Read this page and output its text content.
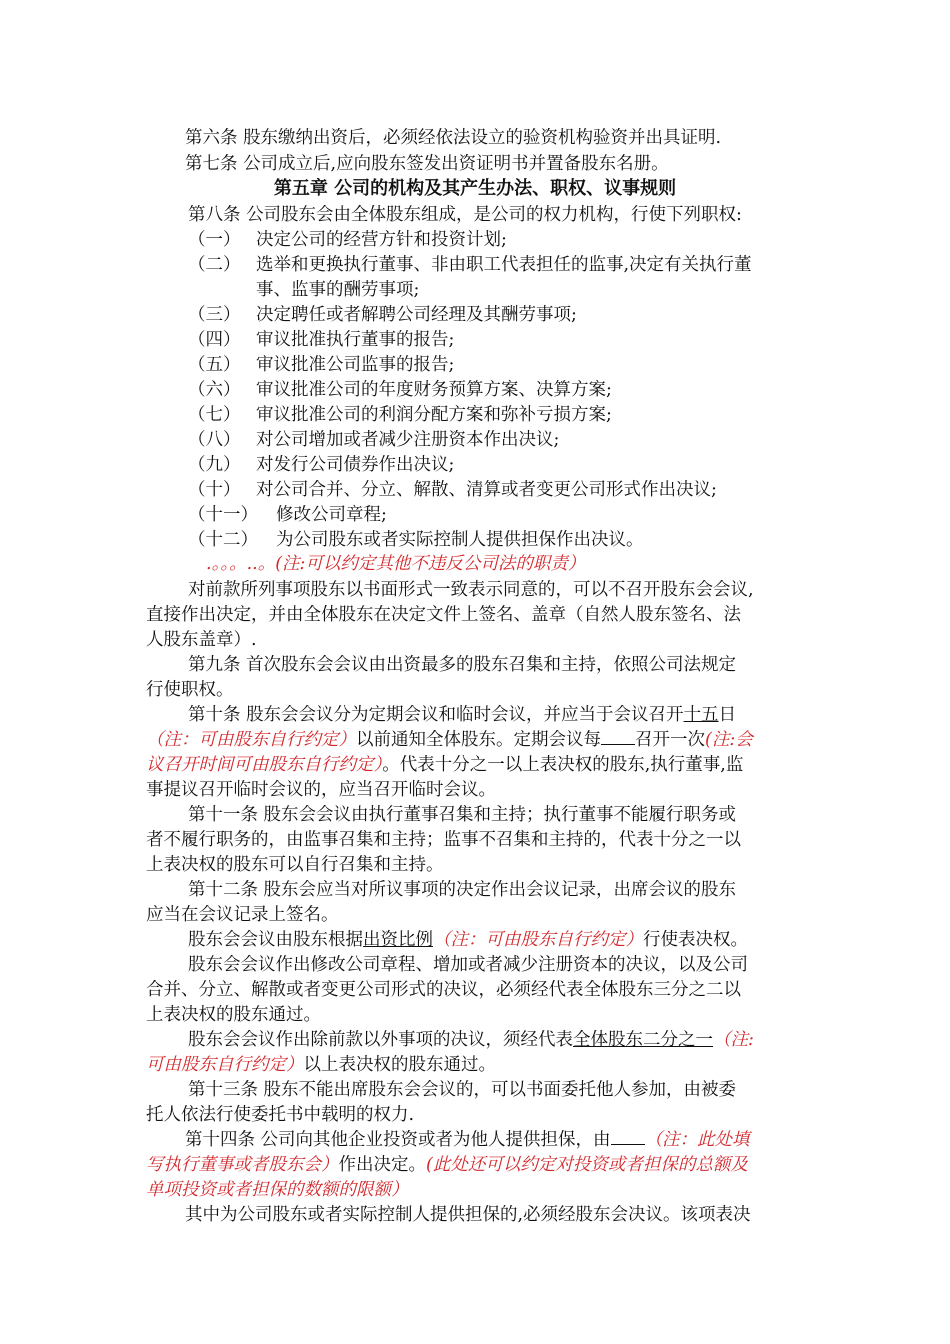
第六条 股东缴纳出资后，必须经依法设立的验资机构验资并出具证明.
第七条 公司成立后,应向股东签发出资证明书并置备股东名册。
第五章 公司的机构及其产生办法、职权、议事规则
第八条 公司股东会由全体股东组成，是公司的权力机构，行使下列职权:
（一） 决定公司的经营方针和投资计划;
（二） 选举和更换执行董事、非由职工代表担任的监事,决定有关执行董
事、监事的酬劳事项;
（三） 决定聘任或者解聘公司经理及其酬劳事项;
（四） 审议批准执行董事的报告;
（五） 审议批准公司监事的报告;
（六） 审议批准公司的年度财务预算方案、决算方案;
（七） 审议批准公司的利润分配方案和弥补亏损方案;
（八） 对公司增加或者减少注册资本作出决议;
（九） 对发行公司债券作出决议;
（十） 对公司合并、分立、解散、清算或者变更公司形式作出决议;
（十一） 修改公司章程;
（十二） 为公司股东或者实际控制人提供担保作出决议。
.。。。..。(注:可以约定其他不违反公司法的职责）
对前款所列事项股东以书面形式一致表示同意的，可以不召开股东会会议,
直接作出决定，并由全体股东在决定文件上签名、盖章（自然人股东签名、法
人股东盖章）.
第九条 首次股东会会议由出资最多的股东召集和主持，依照公司法规定
行使职权。
第十条 股东会会议分为定期会议和临时会议，并应当于会议召开十五日
（注：可由股东自行约定）以前通知全体股东。定期会议每 召开一次(注:会
议召开时间可由股东自行约定）。代表十分之一以上表决权的股东,执行董事,监
事提议召开临时会议的，应当召开临时会议。
第十一条 股东会会议由执行董事召集和主持；执行董事不能履行职务或
者不履行职务的，由监事召集和主持；监事不召集和主持的，代表十分之一以
上表决权的股东可以自行召集和主持。
第十二条 股东会应当对所议事项的决定作出会议记录，出席会议的股东
应当在会议记录上签名。
股东会会议由股东根据出资比例（注：可由股东自行约定）行使表决权。
股东会会议作出修改公司章程、增加或者减少注册资本的决议，以及公司
合并、分立、解散或者变更公司形式的决议，必须经代表全体股东三分之二以
上表决权的股东通过。
股东会会议作出除前款以外事项的决议，须经代表全体股东二分之一（注:
可由股东自行约定）以上表决权的股东通过。
第十三条 股东不能出席股东会会议的，可以书面委托他人参加，由被委
托人依法行使委托书中载明的权力.
第十四条 公司向其他企业投资或者为他人提供担保，由 （注：此处填
写执行董事或者股东会）作出决定。(此处还可以约定对投资或者担保的总额及
单项投资或者担保的数额的限额）
其中为公司股东或者实际控制人提供担保的,必须经股东会决议。该项表决
